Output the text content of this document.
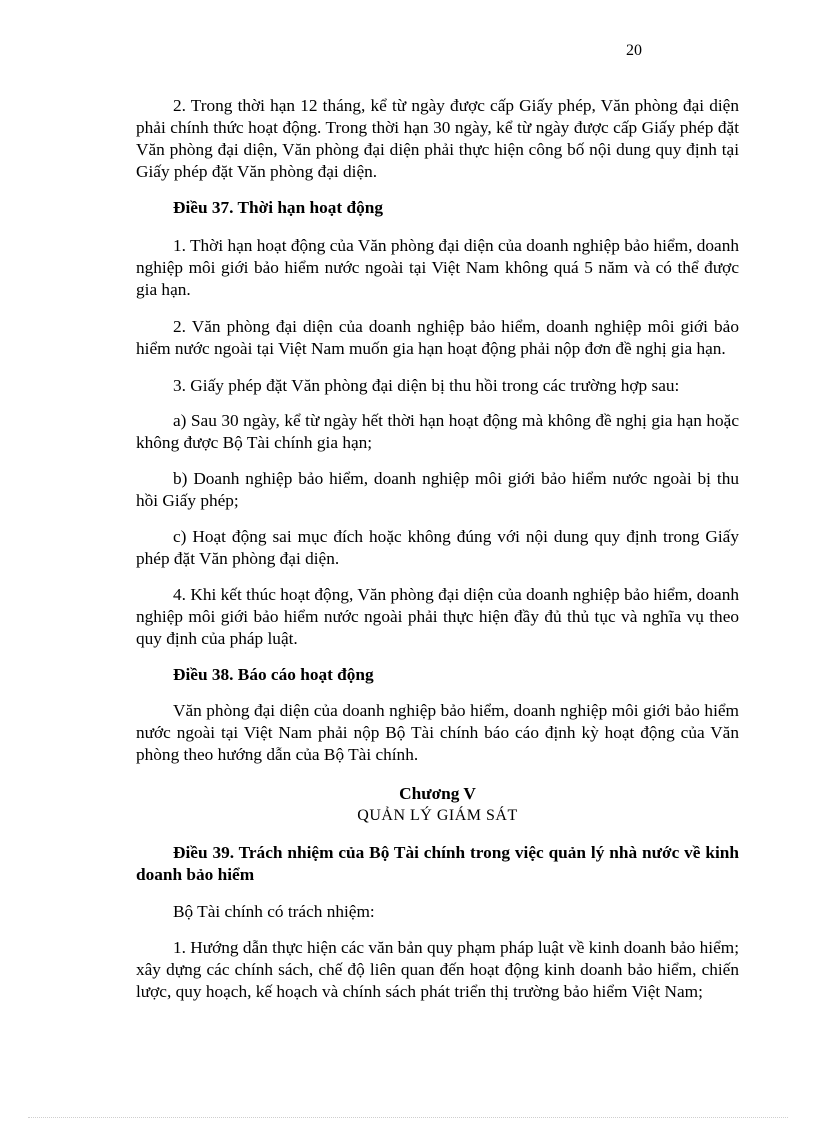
20

2. Trong thời hạn 12 tháng, kể từ ngày được cấp Giấy phép, Văn phòng đại diện phải chính thức hoạt động. Trong thời hạn 30 ngày, kể từ ngày được cấp Giấy phép đặt Văn phòng đại diện, Văn phòng đại diện phải thực hiện công bố nội dung quy định tại Giấy phép đặt Văn phòng đại diện.

Điều 37. Thời hạn hoạt động

1. Thời hạn hoạt động của Văn phòng đại diện của doanh nghiệp bảo hiểm, doanh nghiệp môi giới bảo hiểm nước ngoài tại Việt Nam không quá 5 năm và có thể được gia hạn.

2. Văn phòng đại diện của doanh nghiệp bảo hiểm, doanh nghiệp môi giới bảo hiểm nước ngoài tại Việt Nam muốn gia hạn hoạt động phải nộp đơn đề nghị gia hạn.

3. Giấy phép đặt Văn phòng đại diện bị thu hồi trong các trường hợp sau:

a) Sau 30 ngày, kể từ ngày hết thời hạn hoạt động mà không đề nghị gia hạn hoặc không được Bộ Tài chính gia hạn;

b) Doanh nghiệp bảo hiểm, doanh nghiệp môi giới bảo hiểm nước ngoài bị thu hồi Giấy phép;

c) Hoạt động sai mục đích hoặc không đúng với nội dung quy định trong Giấy phép đặt Văn phòng đại diện.

4. Khi kết thúc hoạt động, Văn phòng đại diện của doanh nghiệp bảo hiểm, doanh nghiệp môi giới bảo hiểm nước ngoài phải thực hiện đầy đủ thủ tục và nghĩa vụ theo quy định của pháp luật.

Điều 38. Báo cáo hoạt động

Văn phòng đại diện của doanh nghiệp bảo hiểm, doanh nghiệp môi giới bảo hiểm nước ngoài tại Việt Nam phải nộp Bộ Tài chính báo cáo định kỳ hoạt động của Văn phòng theo hướng dẫn của Bộ Tài chính.

Chương V
QUẢN LÝ GIÁM SÁT

Điều 39. Trách nhiệm của Bộ Tài chính trong việc quản lý nhà nước về kinh doanh bảo hiểm

Bộ Tài chính có trách nhiệm:

1. Hướng dẫn thực hiện các văn bản quy phạm pháp luật về kinh doanh bảo hiểm; xây dựng các chính sách, chế độ liên quan đến hoạt động kinh doanh bảo hiểm, chiến lược, quy hoạch, kế hoạch và chính sách phát triển thị trường bảo hiểm Việt Nam;
